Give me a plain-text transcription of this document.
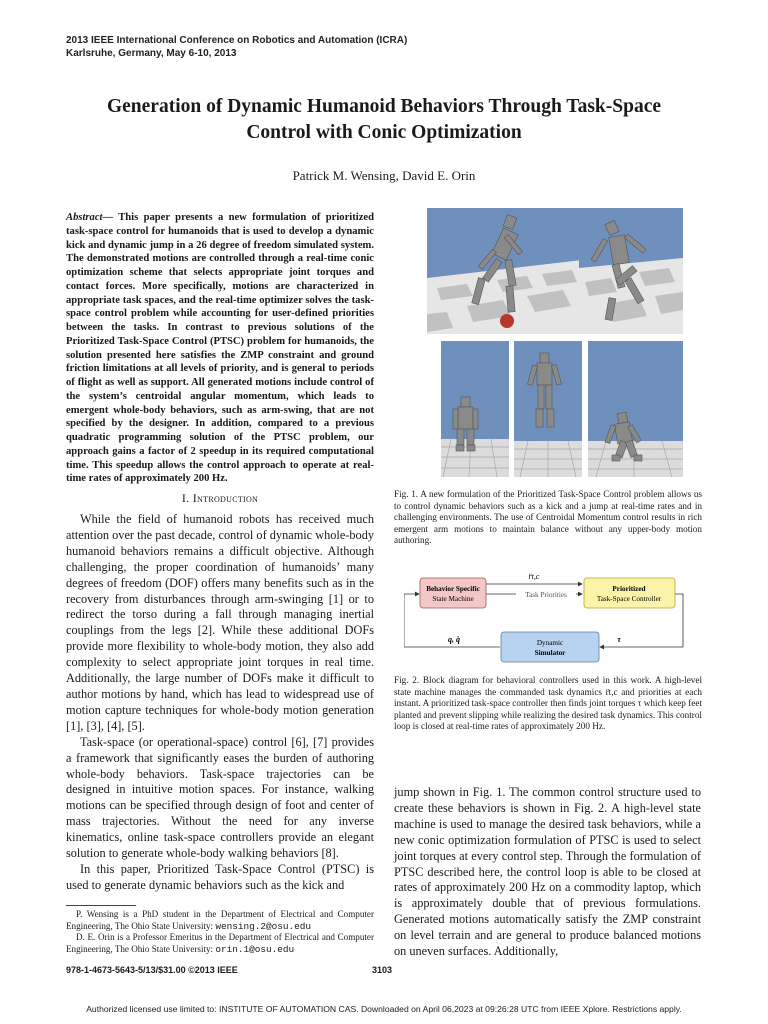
2013 IEEE International Conference on Robotics and Automation (ICRA)
Karlsruhe, Germany, May 6-10, 2013
Generation of Dynamic Humanoid Behaviors Through Task-Space
Control with Conic Optimization
Patrick M. Wensing, David E. Orin
Abstract— This paper presents a new formulation of prioritized task-space control for humanoids that is used to develop a dynamic kick and dynamic jump in a 26 degree of freedom simulated system. The demonstrated motions are controlled through a real-time conic optimization scheme that selects appropriate joint torques and contact forces. More specifically, motions are characterized in appropriate task spaces, and the real-time optimizer solves the task-space control problem while accounting for user-defined priorities between the tasks. In contrast to previous solutions of the Prioritized Task-Space Control (PTSC) problem for humanoids, the solution presented here satisfies the ZMP constraint and ground friction limitations at all levels of priority, and is general to periods of flight as well as support. All generated motions include control of the system’s centroidal angular momentum, which leads to emergent whole-body behaviors, such as arm-swing, that are not specified by the designer. In addition, compared to a previous quadratic programming solution of the PTSC problem, our approach gains a factor of 2 speedup in its required computational time. This speedup allows the control approach to operate at real-time rates of approximately 200 Hz.
I. Introduction

While the field of humanoid robots has received much attention over the past decade, control of dynamic whole-body humanoid behaviors remains a difficult objective. Although challenging, the proper coordination of humanoids’ many degrees of freedom (DOF) offers many benefits such as in the recovery from disturbances through arm-swinging [1] or to redirect the torso during a fall through managing inertial couplings from the legs [2]. While these additional DOFs provide more flexibility to whole-body motion, they also add complexity to select appropriate joint torques in real time. Additionally, the large number of DOFs make it difficult to author motions by hand, which has lead to widespread use of motion capture techniques for whole-body motion generation [1], [3], [4], [5].

Task-space (or operational-space) control [6], [7] provides a framework that significantly eases the burden of authoring whole-body behaviors. Task-space trajectories can be designed in intuitive motion spaces. For instance, walking motions can be specified through design of foot and center of mass trajectories. Without the need for any inverse kinematics, online task-space controllers provide an elegant solution to generate whole-body walking behaviors [8].

In this paper, Prioritized Task-Space Control (PTSC) is used to generate dynamic behaviors such as the kick and

P. Wensing is a PhD student in the Department of Electrical and Computer Engineering, The Ohio State University: wensing.2@osu.edu

D. E. Orin is a Professor Emeritus in the Department of Electrical and Computer Engineering, The Ohio State University: orin.1@osu.edu

Fig. 1. A new formulation of the Prioritized Task-Space Control problem allows us to control dynamic behaviors such as a kick and a jump at real-time rates and in challenging environments. The use of Centroidal Momentum control results in rich emergent arm motions to maintain balance without any upper-body motion authoring.
Behavior Specific
State Machine
Prioritized
Task-Space Controller
Dynamic
Simulator
r̈t,c
Task Priorities
q, q̇	τ
Fig. 2. Block diagram for behavioral controllers used in this work. A high-level state machine manages the commanded task dynamics r̈t,c and priorities at each instant. A prioritized task-space controller then finds joint torques τ which keep feet planted and prevent slipping while realizing the desired task dynamics. This control loop is closed at real-time rates of approximately 200 Hz.

jump shown in Fig. 1. The common control structure used to create these behaviors is shown in Fig. 2. A high-level state machine is used to manage the desired task behaviors, while a new conic optimization formulation of PTSC is used to select joint torques at every control step. Through the formulation of PTSC described here, the control loop is able to be closed at rates of approximately 200 Hz on a commodity laptop, which is approximately double that of previous formulations. Generated motions automatically satisfy the ZMP constraint on level terrain and are general to produce balanced motions on uneven surfaces. Additionally,

978-1-4673-5643-5/13/$31.00 ©2013 IEEE	3103
Authorized licensed use limited to: INSTITUTE OF AUTOMATION CAS. Downloaded on April 06,2023 at 09:26:28 UTC from IEEE Xplore. Restrictions apply.
